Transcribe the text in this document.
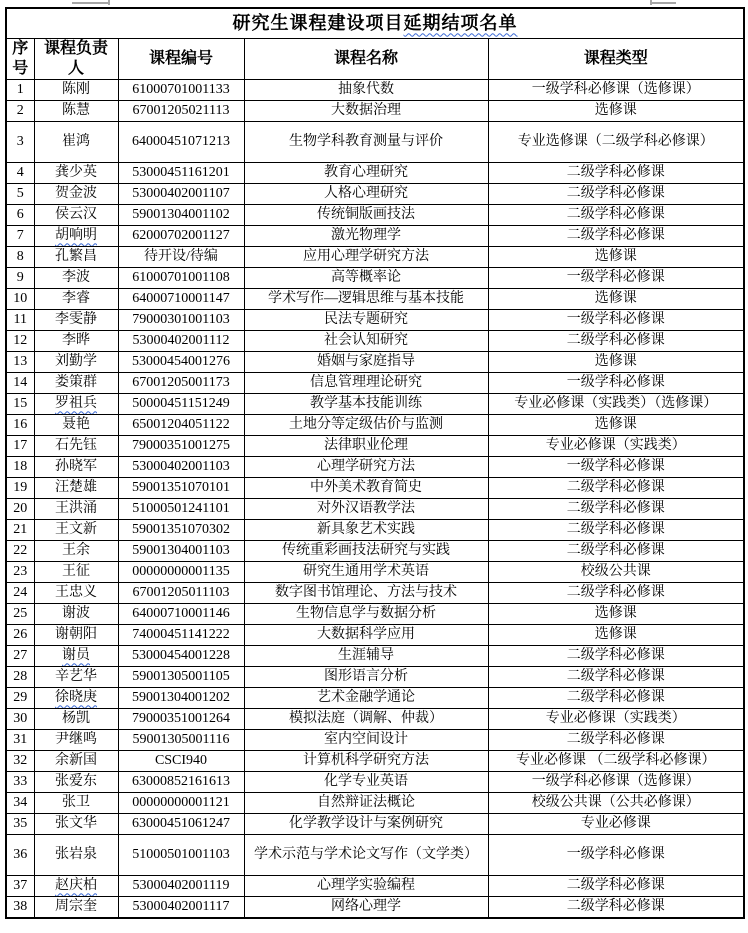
研究生课程建设项目延期结项名单				
序号	课程负责人	课程编号	课程名称	课程类型
1	陈刚	61000701001133	抽象代数	一级学科必修课（选修课）
2	陈慧	67001205021113	大数据治理	选修课
3	崔鸿	64000451071213	生物学科教育测量与评价	专业选修课（二级学科必修课）
4	龚少英	53000451161201	教育心理研究	二级学科必修课
5	贺金波	53000402001107	人格心理研究	二级学科必修课
6	侯云汉	59001304001102	传统铜版画技法	二级学科必修课
7	胡响明	62000702001127	激光物理学	二级学科必修课
8	孔繁昌	待开设/待编	应用心理学研究方法	选修课
9	李波	61000701001108	高等概率论	一级学科必修课
10	李睿	64000710001147	学术写作—逻辑思维与基本技能	选修课
11	李雯静	79000301001103	民法专题研究	一级学科必修课
12	李晔	53000402001112	社会认知研究	二级学科必修课
13	刘勤学	53000454001276	婚姻与家庭指导	选修课
14	娄策群	67001205001173	信息管理理论研究	一级学科必修课
15	罗祖兵	50000451151249	教学基本技能训练	专业必修课（实践类）（选修课）
16	聂艳	65001204051122	土地分等定级估价与监测	选修课
17	石先钰	79000351001275	法律职业伦理	专业必修课（实践类）
18	孙晓军	53000402001103	心理学研究方法	一级学科必修课
19	汪楚雄	59001351070101	中外美术教育简史	二级学科必修课
20	王洪涌	51000501241101	对外汉语教学法	二级学科必修课
21	王文新	59001351070302	新具象艺术实践	二级学科必修课
22	王余	59001304001103	传统重彩画技法研究与实践	二级学科必修课
23	王征	00000000001135	研究生通用学术英语	校级公共课
24	王忠义	67001205011103	数字图书馆理论、方法与技术	二级学科必修课
25	谢波	64000710001146	生物信息学与数据分析	选修课
26	谢朝阳	74000451141222	大数据科学应用	选修课
27	谢员	53000454001228	生涯辅导	二级学科必修课
28	辛艺华	59001305001105	图形语言分析	二级学科必修课
29	徐晓庚	59001304001202	艺术金融学通论	二级学科必修课
30	杨凯	79000351001264	模拟法庭（调解、仲裁）	专业必修课（实践类）
31	尹继鸣	59001305001116	室内空间设计	二级学科必修课
32	余新国	CSCI940	计算机科学研究方法	专业必修课 （二级学科必修课）
33	张爱东	63000852161613	化学专业英语	一级学科必修课（选修课）
34	张卫	00000000001121	自然辩证法概论	校级公共课（公共必修课）
35	张文华	63000451061247	化学教学设计与案例研究	专业必修课
36	张岩泉	51000501001103	学术示范与学术论文写作（文学类）	一级学科必修课
37	赵庆柏	53000402001119	心理学实验编程	二级学科必修课
38	周宗奎	53000402001117	网络心理学	二级学科必修课
